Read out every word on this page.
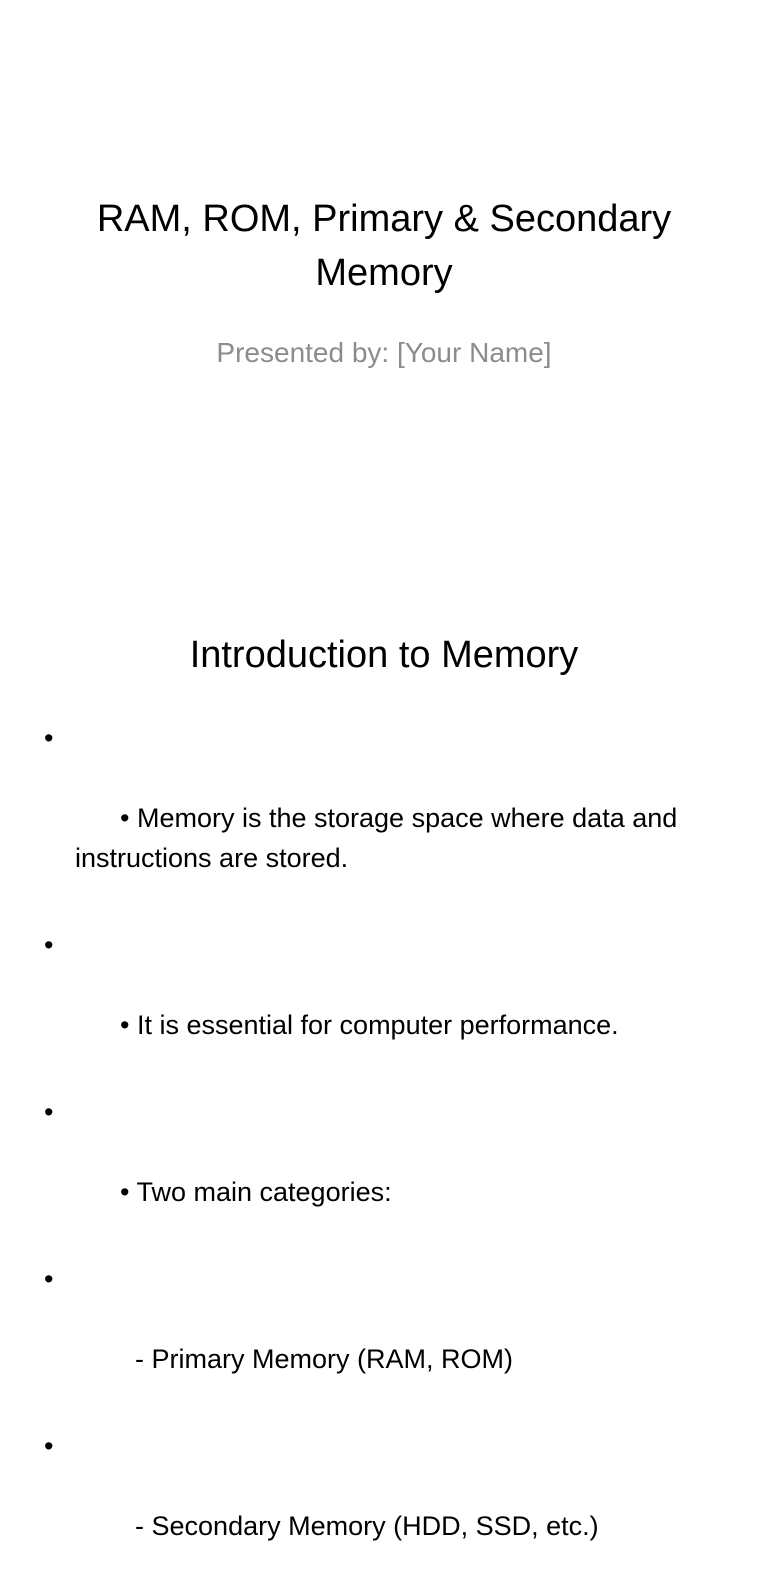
RAM, ROM, Primary & Secondary Memory

Presented by: [Your Name]

Introduction to Memory

•

• Memory is the storage space where data and instructions are stored.

•

• It is essential for computer performance.

•

• Two main categories:

•

- Primary Memory (RAM, ROM)

•

- Secondary Memory (HDD, SSD, etc.)
